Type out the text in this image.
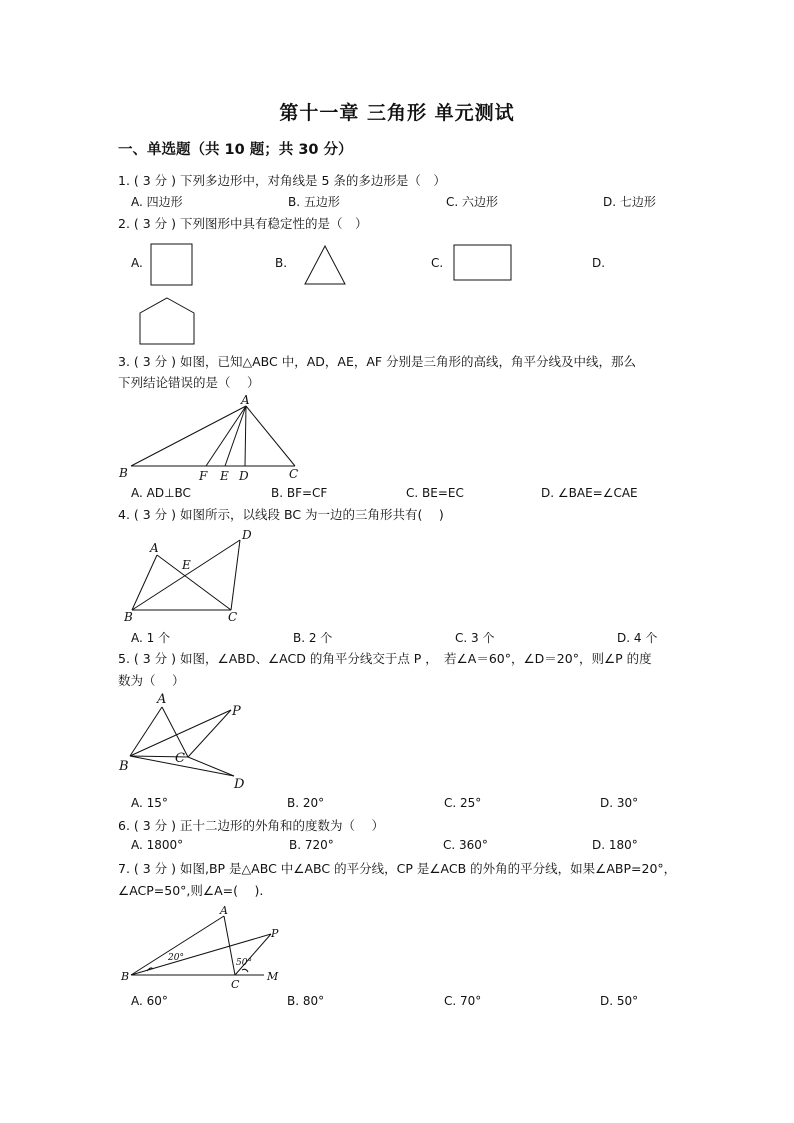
第十一章 三角形 单元测试
一、单选题（共 10 题；共 30 分）
1. ( 3 分 ) 下列多边形中，对角线是 5 条的多边形是（　）
A. 四边形	B. 五边形	C. 六边形	D. 七边形
2. ( 3 分 ) 下列图形中具有稳定性的是（　）
A.	B.	C.	D.
3. ( 3 分 ) 如图，已知△ABC 中，AD，AE，AF 分别是三角形的高线，角平分线及中线，那么
下列结论错误的是（　 ）
A
B	F E D	C
A. AD⊥BC	B. BF=CF	C. BE=EC	D. ∠BAE=∠CAE
4. ( 3 分 ) 如图所示，以线段 BC 为一边的三角形共有(　 )
A
D
E
B	C
A. 1 个	B. 2 个	C. 3 个	D. 4 个
5. ( 3 分 ) 如图，∠ABD、∠ACD 的角平分线交于点 P ，　若∠A＝60°，∠D＝20°，则∠P 的度
数为（　 ）
A
P
C
B
D
A. 15°	B. 20°	C. 25°	D. 30°
6. ( 3 分 ) 正十二边形的外角和的度数为（　 ）
A. 1800°	B. 720°	C. 360°	D. 180°
7. ( 3 分 ) 如图,BP 是△ABC 中∠ABC 的平分线，CP 是∠ACB 的外角的平分线，如果∠ABP=20°，
∠ACP=50°,则∠A=(　 ).
A
P
20°	50°
B
C
M
A. 60°	B. 80°	C. 70°	D. 50°
